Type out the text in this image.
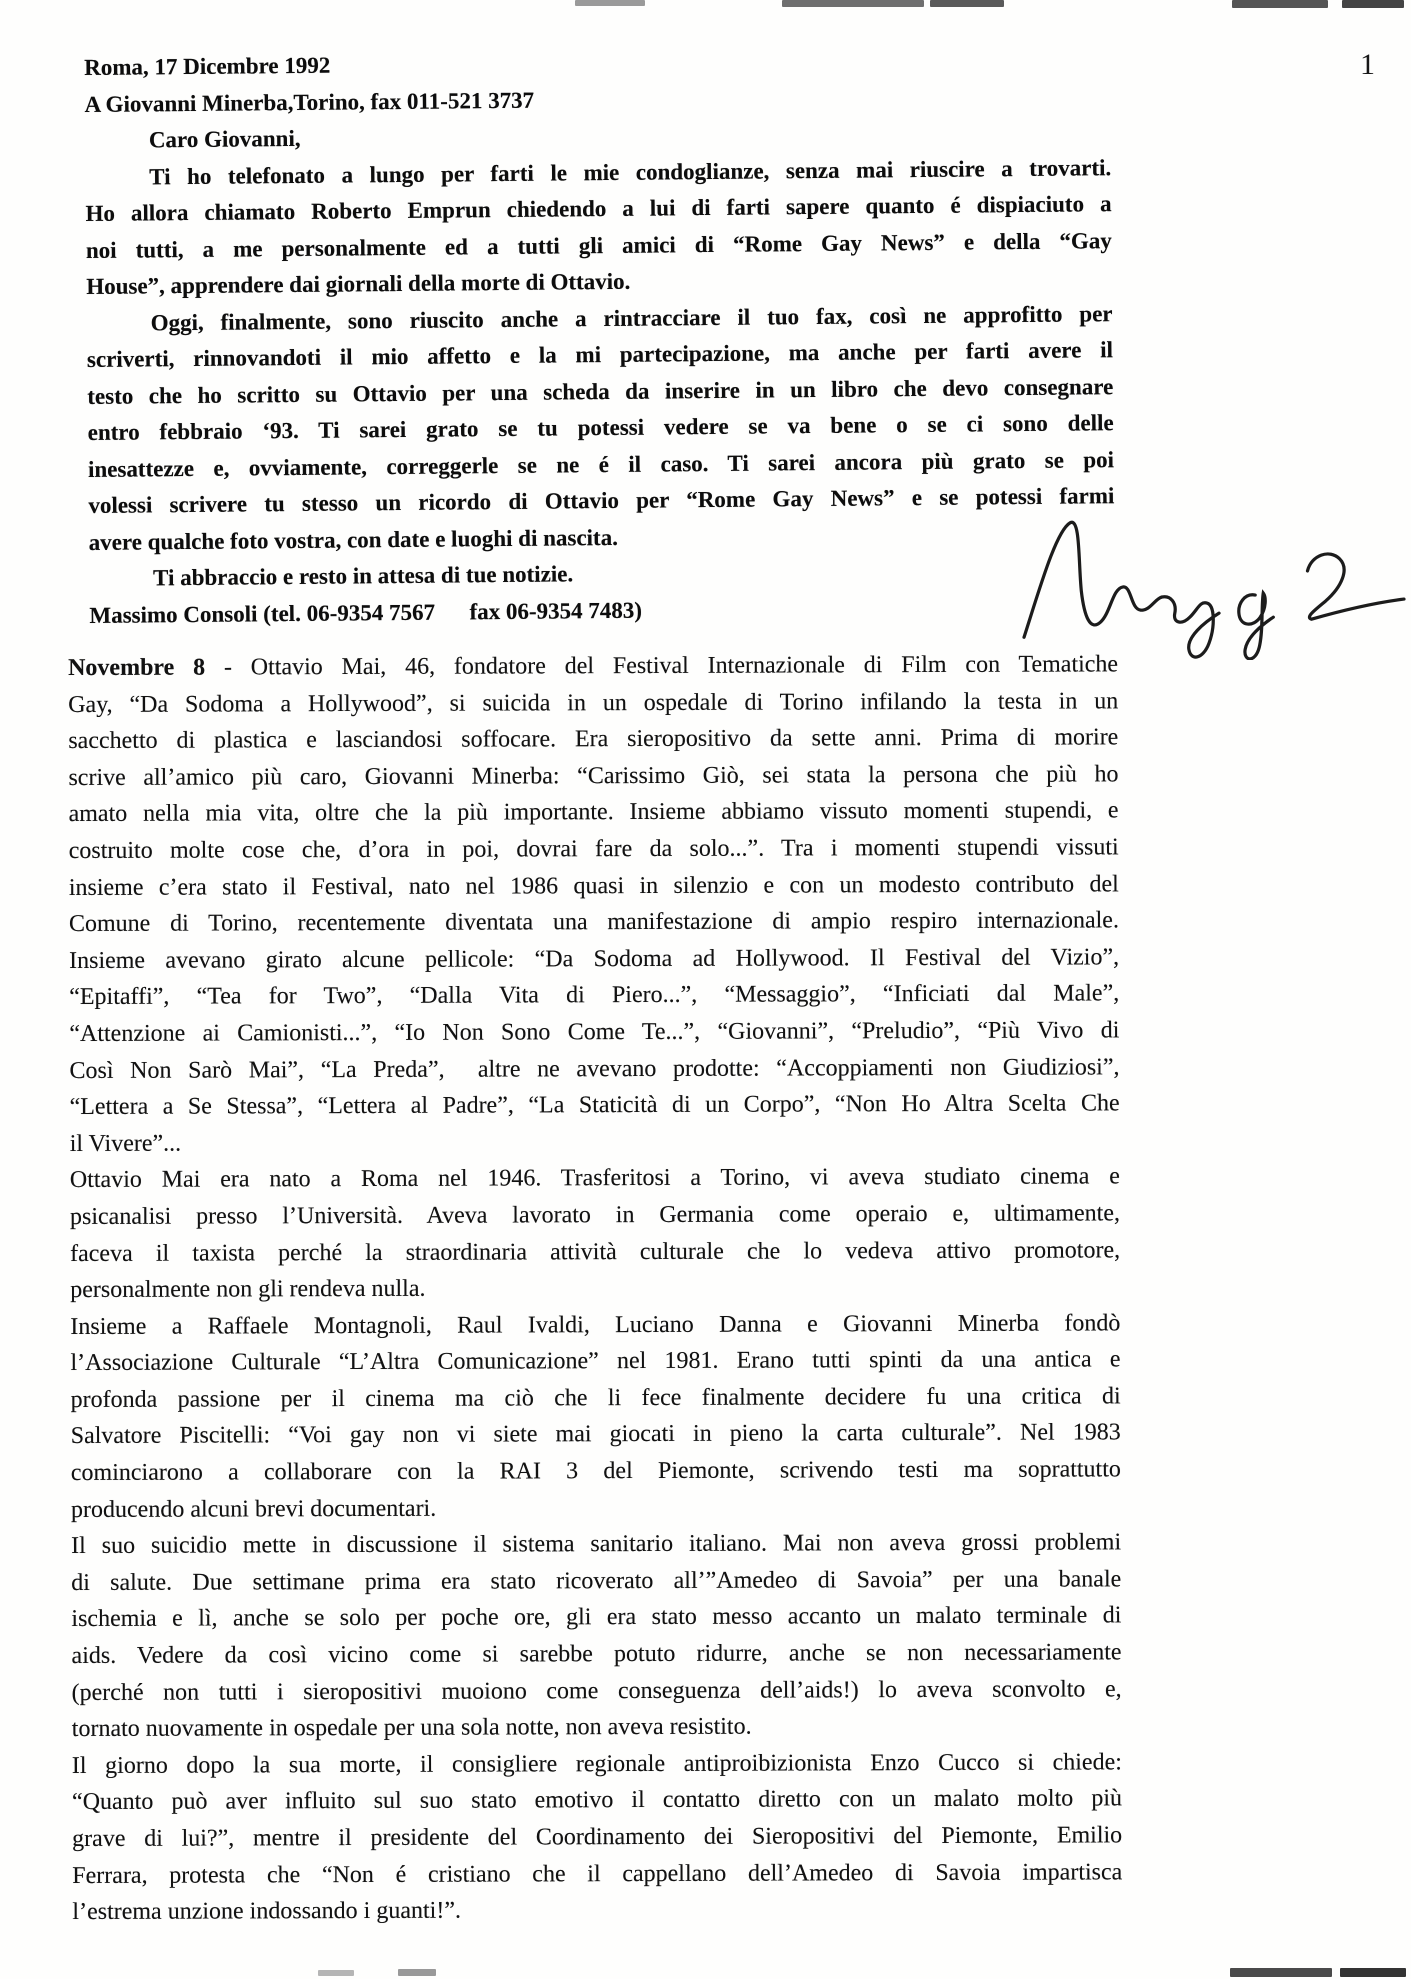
1
Roma, 17 Dicembre 1992
A Giovanni Minerba,Torino, fax 011-521 3737
Caro Giovanni,
Ti ho telefonato a lungo per farti le mie condoglianze, senza mai riuscire a trovarti.
Ho allora chiamato Roberto Emprun chiedendo a lui di farti sapere quanto é dispiaciuto a
noi tutti, a me personalmente ed a tutti gli amici di “Rome Gay News” e della “Gay
House”, apprendere dai giornali della morte di Ottavio.
Oggi, finalmente, sono riuscito anche a rintracciare il tuo fax, così ne approfitto per
scriverti, rinnovandoti il mio affetto e la mi partecipazione, ma anche per farti avere il
testo che ho scritto su Ottavio per una scheda da inserire in un libro che devo consegnare
entro febbraio ‘93. Ti sarei grato se tu potessi vedere se va bene o se ci sono delle
inesattezze e, ovviamente, correggerle se ne é il caso. Ti sarei ancora più grato se poi
volessi scrivere tu stesso un ricordo di Ottavio per “Rome Gay News” e se potessi farmi
avere qualche foto vostra, con date e luoghi di nascita.
Ti abbraccio e resto in attesa di tue notizie.
Massimo Consoli (tel. 06-9354 7567      fax 06-9354 7483)
Novembre 8 - Ottavio Mai, 46, fondatore del Festival Internazionale di Film con Tematiche
Gay, “Da Sodoma a Hollywood”, si suicida in un ospedale di Torino infilando la testa in un
sacchetto di plastica e lasciandosi soffocare. Era sieropositivo da sette anni. Prima di morire
scrive all’amico più caro, Giovanni Minerba: “Carissimo Giò, sei stata la persona che più ho
amato nella mia vita, oltre che la più importante. Insieme abbiamo vissuto momenti stupendi, e
costruito molte cose che, d’ora in poi, dovrai fare da solo...”. Tra i momenti stupendi vissuti
insieme c’era stato il Festival, nato nel 1986 quasi in silenzio e con un modesto contributo del
Comune di Torino, recentemente diventata una manifestazione di ampio respiro internazionale.
Insieme avevano girato alcune pellicole: “Da Sodoma ad Hollywood. Il Festival del Vizio”,
“Epitaffi”, “Tea for Two”, “Dalla Vita di Piero...”, “Messaggio”, “Inficiati dal Male”,
“Attenzione ai Camionisti...”, “Io Non Sono Come Te...”, “Giovanni”, “Preludio”, “Più Vivo di
Così Non Sarò Mai”, “La Preda”,  altre ne avevano prodotte: “Accoppiamenti non Giudiziosi”,
“Lettera a Se Stessa”, “Lettera al Padre”, “La Staticità di un Corpo”, “Non Ho Altra Scelta Che
il Vivere”...
Ottavio Mai era nato a Roma nel 1946. Trasferitosi a Torino, vi aveva studiato cinema e
psicanalisi presso l’Università. Aveva lavorato in Germania come operaio e, ultimamente,
faceva il taxista perché la straordinaria attività culturale che lo vedeva attivo promotore,
personalmente non gli rendeva nulla.
Insieme a Raffaele Montagnoli, Raul Ivaldi, Luciano Danna e Giovanni Minerba fondò
l’Associazione Culturale “L’Altra Comunicazione” nel 1981. Erano tutti spinti da una antica e
profonda passione per il cinema ma ciò che li fece finalmente decidere fu una critica di
Salvatore Piscitelli: “Voi gay non vi siete mai giocati in pieno la carta culturale”. Nel 1983
cominciarono a collaborare con la RAI 3 del Piemonte, scrivendo testi ma soprattutto
producendo alcuni brevi documentari.
Il suo suicidio mette in discussione il sistema sanitario italiano. Mai non aveva grossi problemi
di salute. Due settimane prima era stato ricoverato all’”Amedeo di Savoia” per una banale
ischemia e lì, anche se solo per poche ore, gli era stato messo accanto un malato terminale di
aids. Vedere da così vicino come si sarebbe potuto ridurre, anche se non necessariamente
(perché non tutti i sieropositivi muoiono come conseguenza dell’aids!) lo aveva sconvolto e,
tornato nuovamente in ospedale per una sola notte, non aveva resistito.
Il giorno dopo la sua morte, il consigliere regionale antiproibizionista Enzo Cucco si chiede:
“Quanto può aver influito sul suo stato emotivo il contatto diretto con un malato molto più
grave di lui?”, mentre il presidente del Coordinamento dei Sieropositivi del Piemonte, Emilio
Ferrara, protesta che “Non é cristiano che il cappellano dell’Amedeo di Savoia impartisca
l’estrema unzione indossando i guanti!”.
